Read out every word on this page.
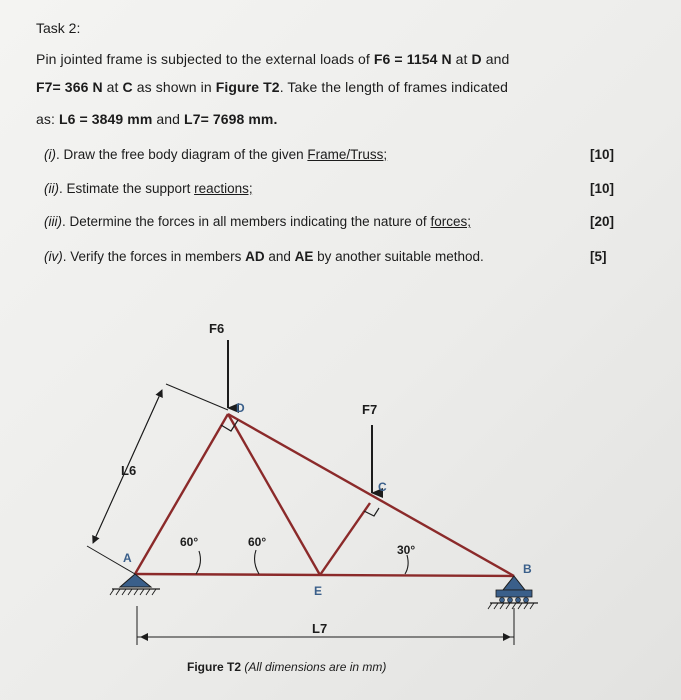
Task 2:
Pin jointed frame is subjected to the external loads of F6 = 1154 N at D and
F7= 366 N at C as shown in Figure T2. Take the length of frames indicated
as: L6 = 3849 mm and L7= 7698 mm.
(i). Draw the free body diagram of the given Frame/Truss;	[10]
(ii). Estimate the support reactions;	[10]
(iii). Determine the forces in all members indicating the nature of forces;	[20]
(iv). Verify the forces in members AD and AE by another suitable method.	[5]
F6
F7
D
C
A
B
E
L6
L7
60°	60°
30°
Figure T2 (All dimensions are in mm)
